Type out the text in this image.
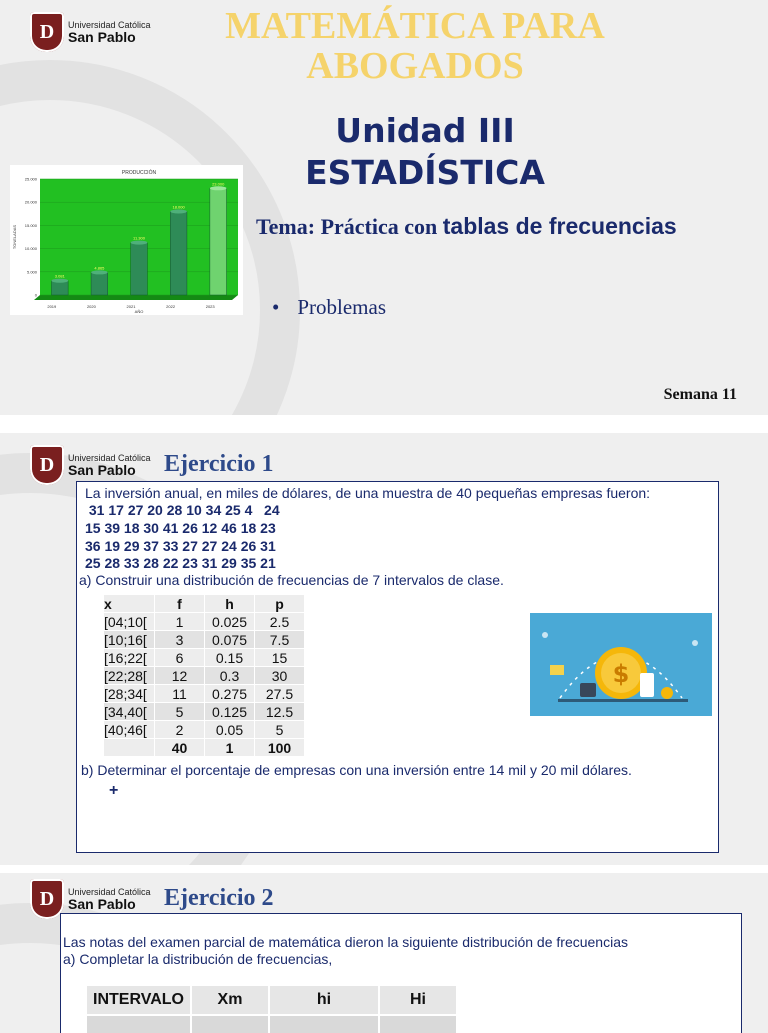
D	Universidad Católica
San Pablo	MATEMÁTICA PARA
ABOGADOS
Unidad III
ESTADÍSTICA
PRODUCCIÓN
TONELADAS
AÑO
25.000
20.000
15.000
10.000
5.000
0
3.081
2019
4.865
2020
11.300
2021
18.000
2022
23.000
2023
Tema: Práctica con tablas de frecuencias
• Problemas
Semana 11
D	Universidad Católica
San Pablo	Ejercicio 1
La inversión anual, en miles de dólares, de una muestra de 40 pequeñas empresas fueron:
31 17 27 20 28 10 34 25 4   24
15 39 18 30 41 26 12 46 18 23
36 19 29 37 33 27 27 24 26 31
25 28 33 28 22 23 31 29 35 21
a) Construir una distribución de frecuencias de 7 intervalos de clase.
x	f	h	p
[04;10[	1	0.025	2.5
[10;16[	3	0.075	7.5
[16;22[	6	0.15	15
[22;28[	12	0.3	30
[28;34[	11	0.275	27.5
[34,40[	5	0.125	12.5
[40;46[	2	0.05	5
	40	1	100
$
b) Determinar el porcentaje de empresas con una inversión entre 14 mil y 20 mil dólares.
+
D	Universidad Católica
San Pablo	Ejercicio 2
Las notas del examen parcial de matemática dieron la siguiente distribución de frecuencias
a) Completar la distribución de frecuencias,
INTERVALO	Xm	hi	Hi
